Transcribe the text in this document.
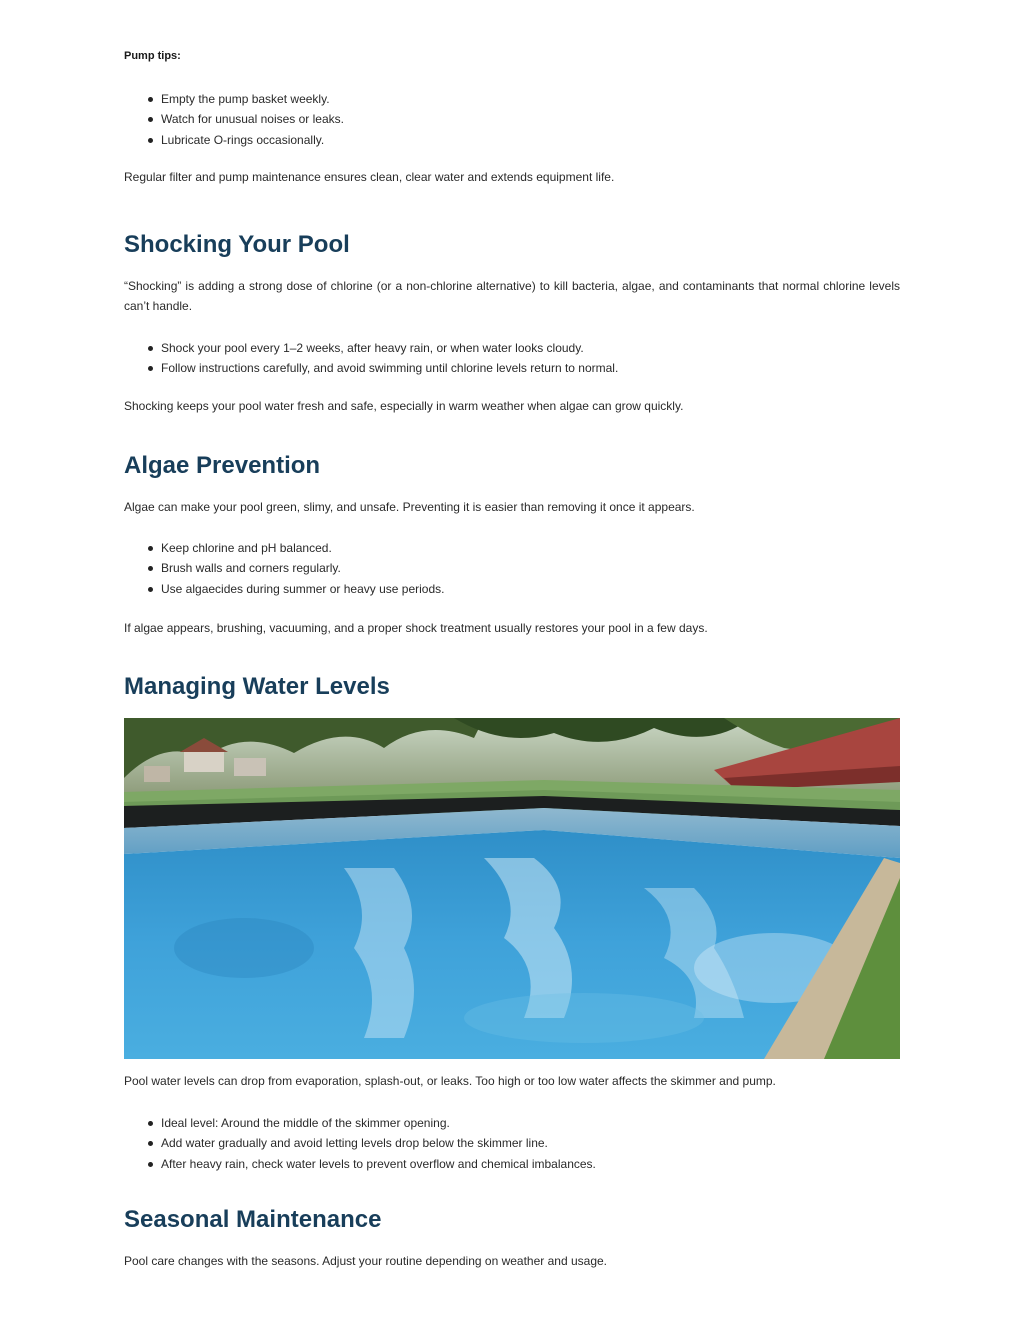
Pump tips:
Empty the pump basket weekly.
Watch for unusual noises or leaks.
Lubricate O-rings occasionally.

Regular filter and pump maintenance ensures clean, clear water and extends equipment life.

Shocking Your Pool

“Shocking” is adding a strong dose of chlorine (or a non-chlorine alternative) to kill bacteria, algae, and contaminants that normal chlorine levels can’t handle.

Shock your pool every 1–2 weeks, after heavy rain, or when water looks cloudy.
Follow instructions carefully, and avoid swimming until chlorine levels return to normal.

Shocking keeps your pool water fresh and safe, especially in warm weather when algae can grow quickly.

Algae Prevention

Algae can make your pool green, slimy, and unsafe. Preventing it is easier than removing it once it appears.

Keep chlorine and pH balanced.
Brush walls and corners regularly.
Use algaecides during summer or heavy use periods.

If algae appears, brushing, vacuuming, and a proper shock treatment usually restores your pool in a few days.

Managing Water Levels

Pool water levels can drop from evaporation, splash-out, or leaks. Too high or too low water affects the skimmer and pump.

Ideal level: Around the middle of the skimmer opening.
Add water gradually and avoid letting levels drop below the skimmer line.
After heavy rain, check water levels to prevent overflow and chemical imbalances.
Seasonal Maintenance

Pool care changes with the seasons. Adjust your routine depending on weather and usage.
